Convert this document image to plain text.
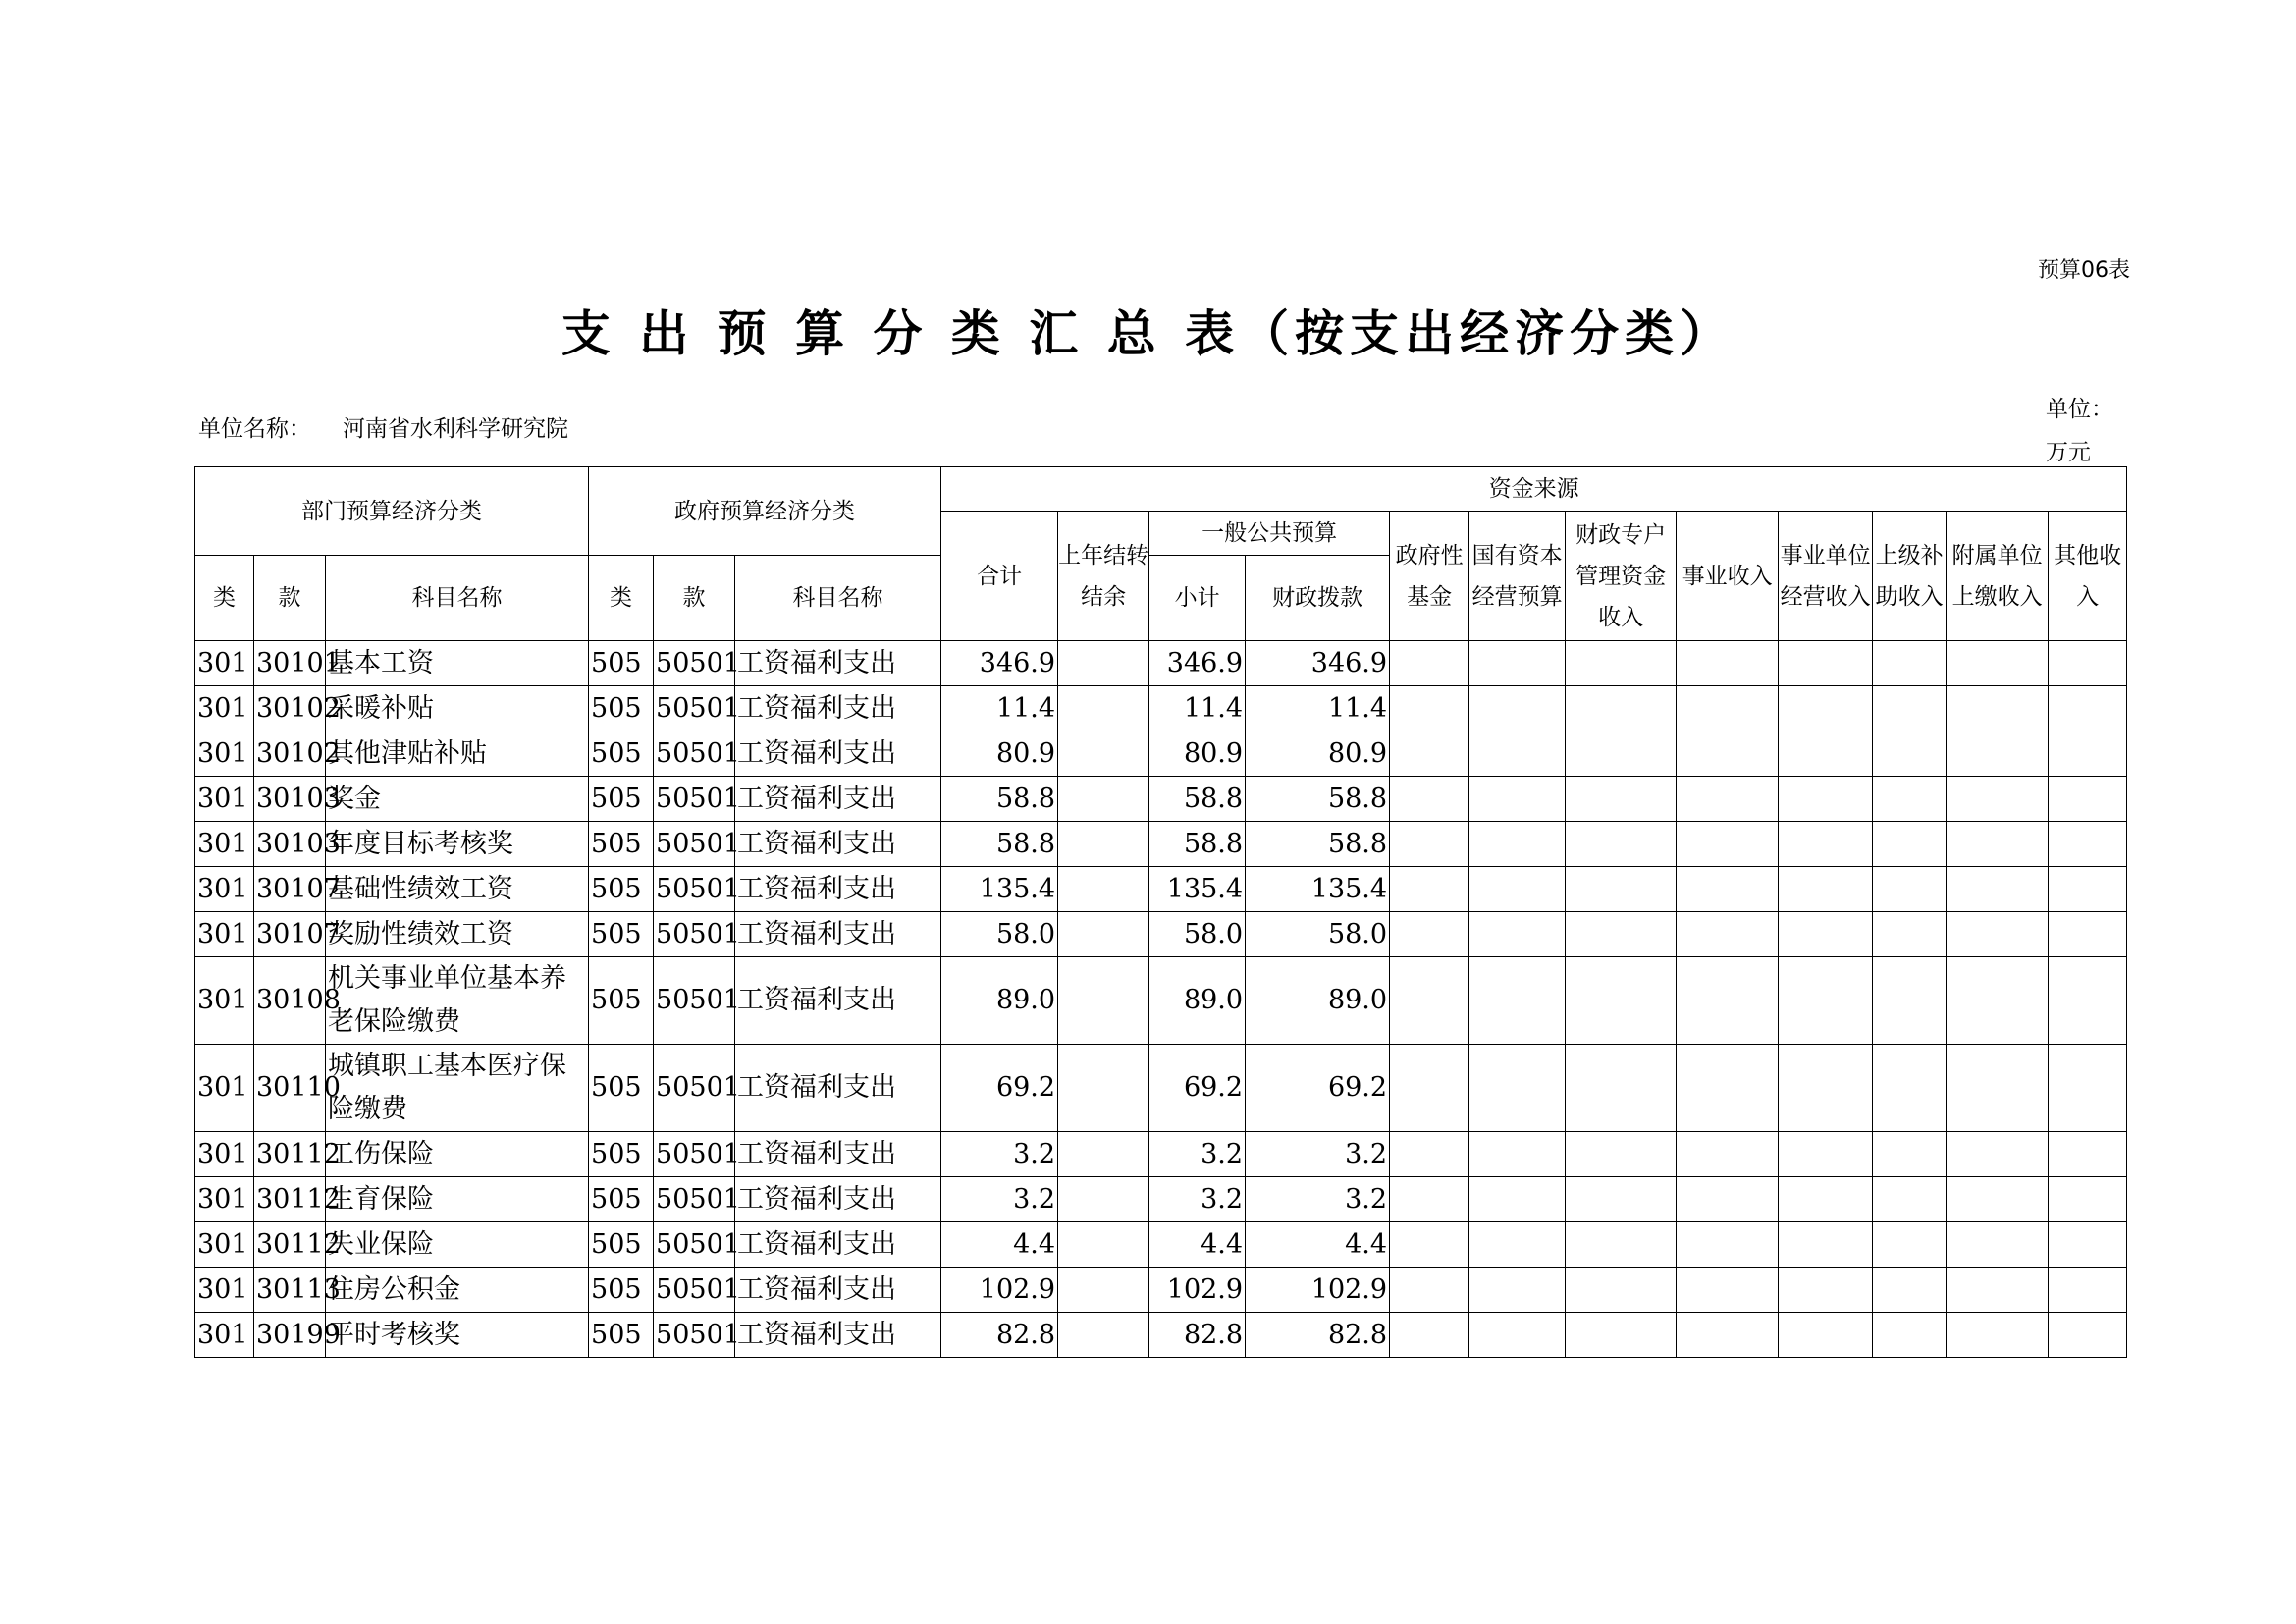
预算06表
支 出 预 算 分 类 汇 总 表（按支出经济分类）
单位名称： 河南省水利科学研究院
单位：
万元
部门预算经济分类			政府预算经济分类			资金来源											
						合计	上年结转结余	一般公共预算		政府性基金	国有资本经营预算	财政专户管理资金收入	事业收入	事业单位经营收入	上级补助收入	附属单位上缴收入	其他收入
类	款	科目名称	类	款	科目名称			小计	财政拨款								
301	30101	基本工资	505	50501	工资福利支出	346.9		346.9	346.9								
301	30102	采暖补贴	505	50501	工资福利支出	11.4		11.4	11.4								
301	30102	其他津贴补贴	505	50501	工资福利支出	80.9		80.9	80.9								
301	30103	奖金	505	50501	工资福利支出	58.8		58.8	58.8								
301	30103	年度目标考核奖	505	50501	工资福利支出	58.8		58.8	58.8								
301	30107	基础性绩效工资	505	50501	工资福利支出	135.4		135.4	135.4								
301	30107	奖励性绩效工资	505	50501	工资福利支出	58.0		58.0	58.0								
301	30108	机关事业单位基本养老保险缴费	505	50501	工资福利支出	89.0		89.0	89.0								
301	30110	城镇职工基本医疗保险缴费	505	50501	工资福利支出	69.2		69.2	69.2								
301	30112	工伤保险	505	50501	工资福利支出	3.2		3.2	3.2								
301	30112	生育保险	505	50501	工资福利支出	3.2		3.2	3.2								
301	30112	失业保险	505	50501	工资福利支出	4.4		4.4	4.4								
301	30113	住房公积金	505	50501	工资福利支出	102.9		102.9	102.9								
301	30199	平时考核奖	505	50501	工资福利支出	82.8		82.8	82.8								
